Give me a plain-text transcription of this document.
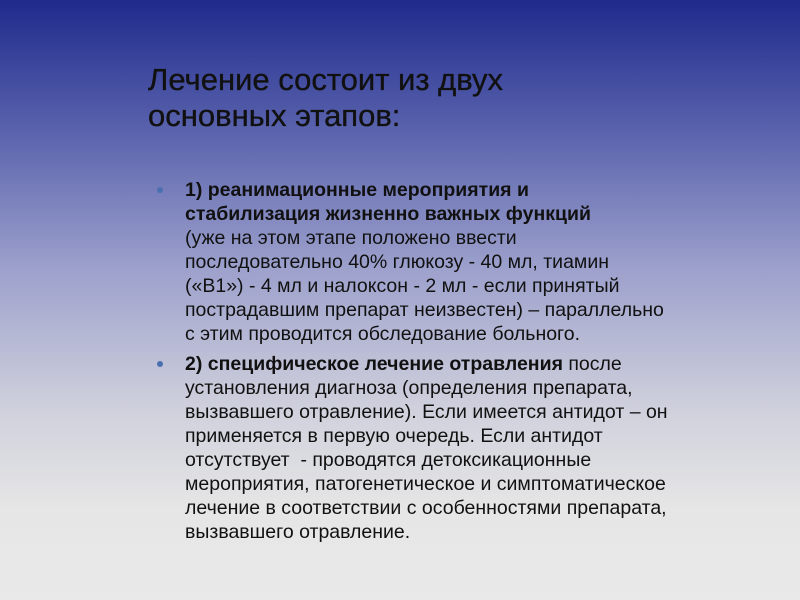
Лечение состоит из двух
основных этапов:
1) реанимационные мероприятия и
стабилизация жизненно важных функций
(уже на этом этапе положено ввести
последовательно 40% глюкозу - 40 мл, тиамин
(«В1») - 4 мл и налоксон - 2 мл - если принятый
пострадавшим препарат неизвестен) – параллельно
с этим проводится обследование больного.
2) специфическое лечение отравления после
установления диагноза (определения препарата,
вызвавшего отравление). Если имеется антидот – он
применяется в первую очередь. Если антидот
отсутствует  - проводятся детоксикационные
мероприятия, патогенетическое и симптоматическое
лечение в соответствии с особенностями препарата,
вызвавшего отравление.
